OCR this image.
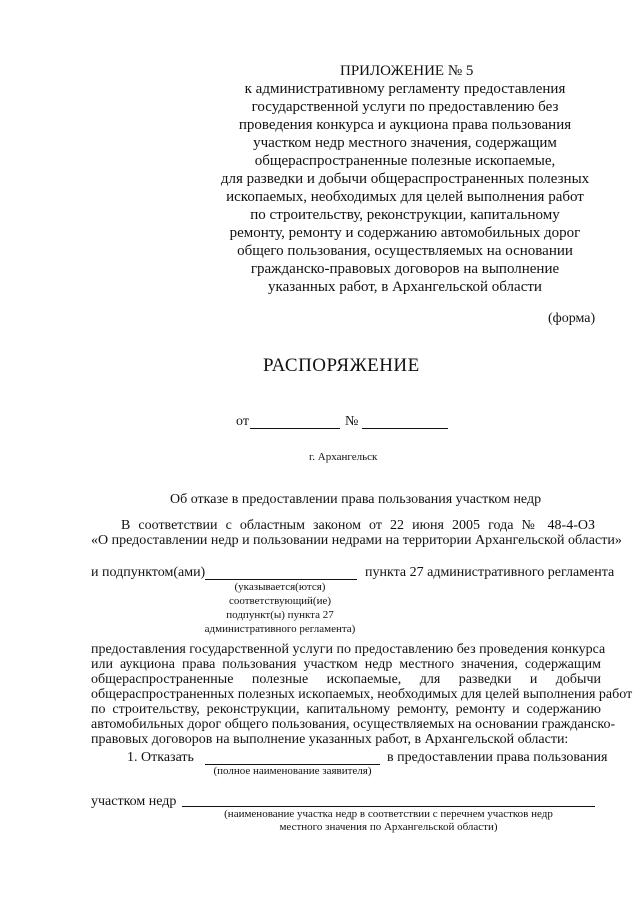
ПРИЛОЖЕНИЕ № 5
к административному регламенту предоставления
государственной услуги по предоставлению без
проведения конкурса и аукциона права пользования
участком недр местного значения, содержащим
общераспространенные полезные ископаемые,
для разведки и добычи общераспространенных полезных
ископаемых, необходимых для целей выполнения работ
по строительству, реконструкции, капитальному
ремонту, ремонту и содержанию автомобильных дорог
общего пользования, осуществляемых на основании
гражданско-правовых договоров на выполнение
указанных работ, в Архангельской области
(форма)
РАСПОРЯЖЕНИЕ
от	№
г. Архангельск
Об отказе в предоставлении права пользования участком недр
В соответствии с областным законом от 22 июня 2005 года № 48-4-ОЗ
«О предоставлении недр и пользовании недрами на территории Архангельской области»
и подпунктом(ами)	пункта 27 административного регламента
(указывается(ются)
соответствующий(ие)
подпункт(ы) пункта 27
административного регламента)
предоставления государственной услуги по предоставлению без проведения конкурса
или аукциона права пользования участком недр местного значения, содержащим
общераспространенные полезные ископаемые, для разведки и добычи
общераспространенных полезных ископаемых, необходимых для целей выполнения работ
по строительству, реконструкции, капитальному ремонту, ремонту и содержанию
автомобильных дорог общего пользования, осуществляемых на основании гражданско-
правовых договоров на выполнение указанных работ, в Архангельской области:
1. Отказать	в предоставлении права пользования
(полное наименование заявителя)
участком недр
(наименование участка недр в соответствии с перечнем участков недр
местного значения по Архангельской области)
